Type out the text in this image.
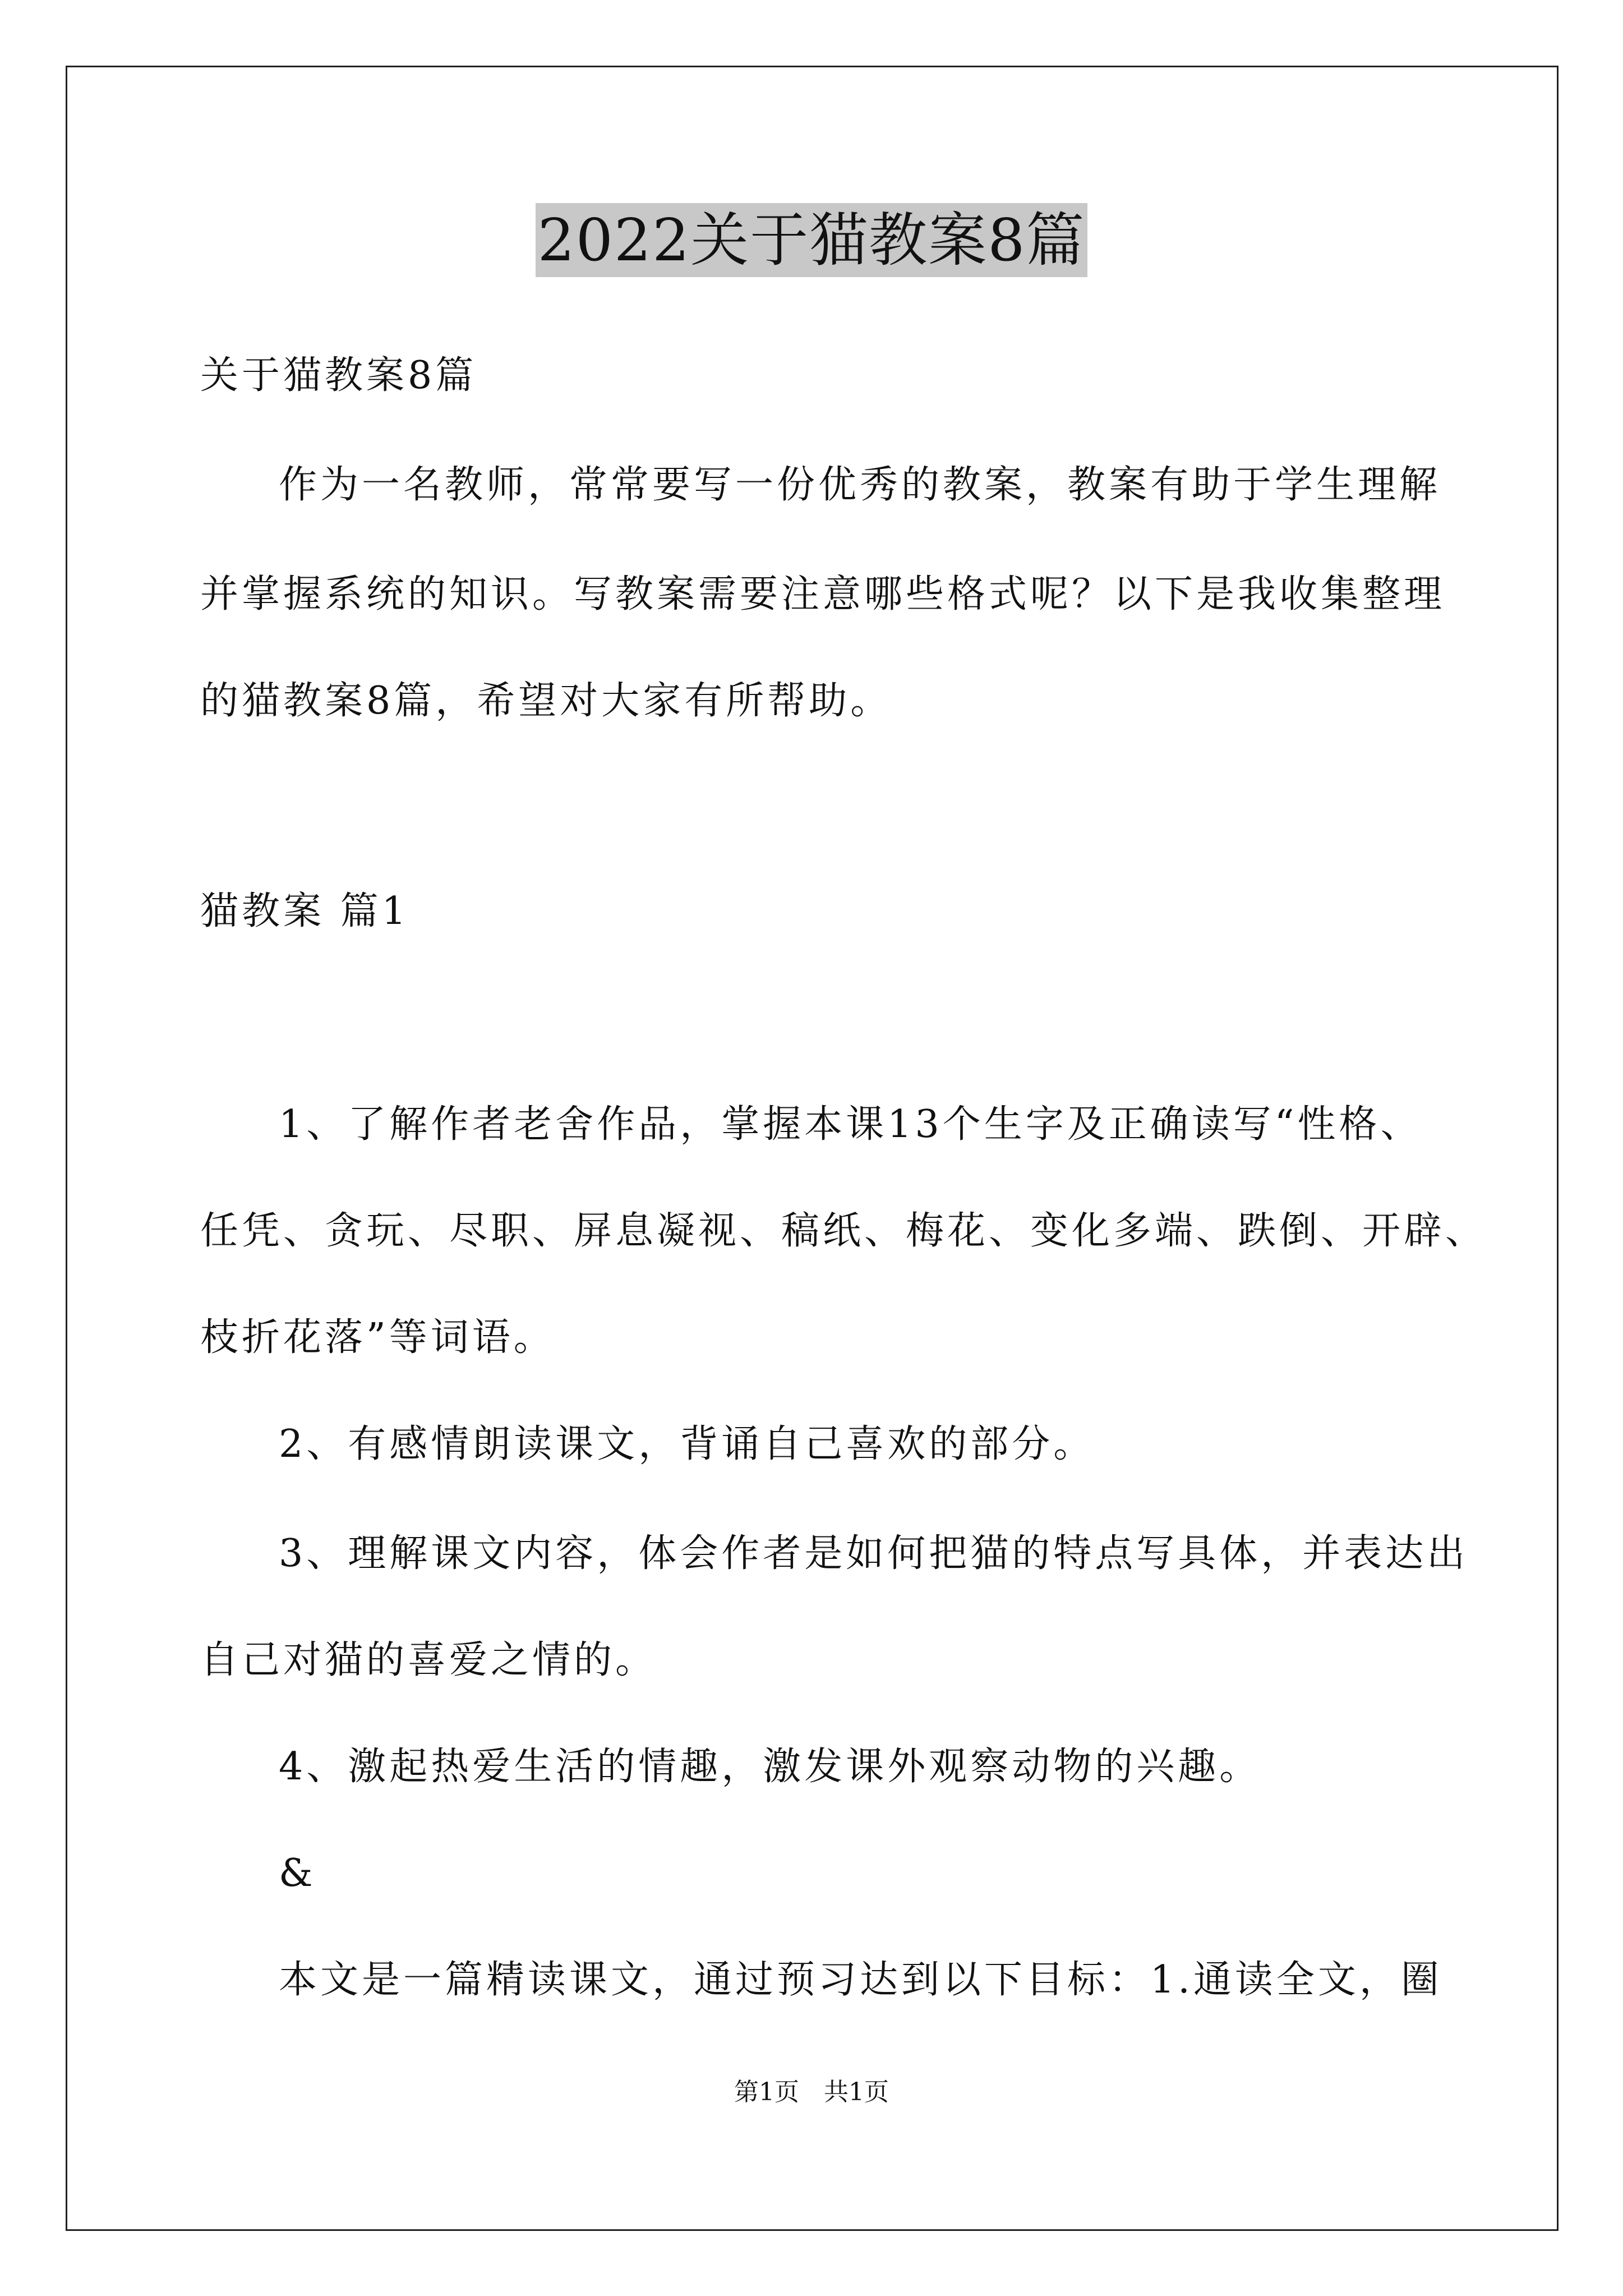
2022关于猫教案8篇
关于猫教案8篇
作为一名教师，常常要写一份优秀的教案，教案有助于学生理解
并掌握系统的知识。写教案需要注意哪些格式呢？以下是我收集整理
的猫教案8篇，希望对大家有所帮助。
猫教案 篇1
1、了解作者老舍作品，掌握本课13个生字及正确读写“性格、
任凭、贪玩、尽职、屏息凝视、稿纸、梅花、变化多端、跌倒、开辟、
枝折花落”等词语。
2、有感情朗读课文，背诵自己喜欢的部分。
3、理解课文内容，体会作者是如何把猫的特点写具体，并表达出
自己对猫的喜爱之情的。
4、激起热爱生活的情趣，激发课外观察动物的兴趣。
&
本文是一篇精读课文，通过预习达到以下目标：1.通读全文，圈
第1页　共1页
